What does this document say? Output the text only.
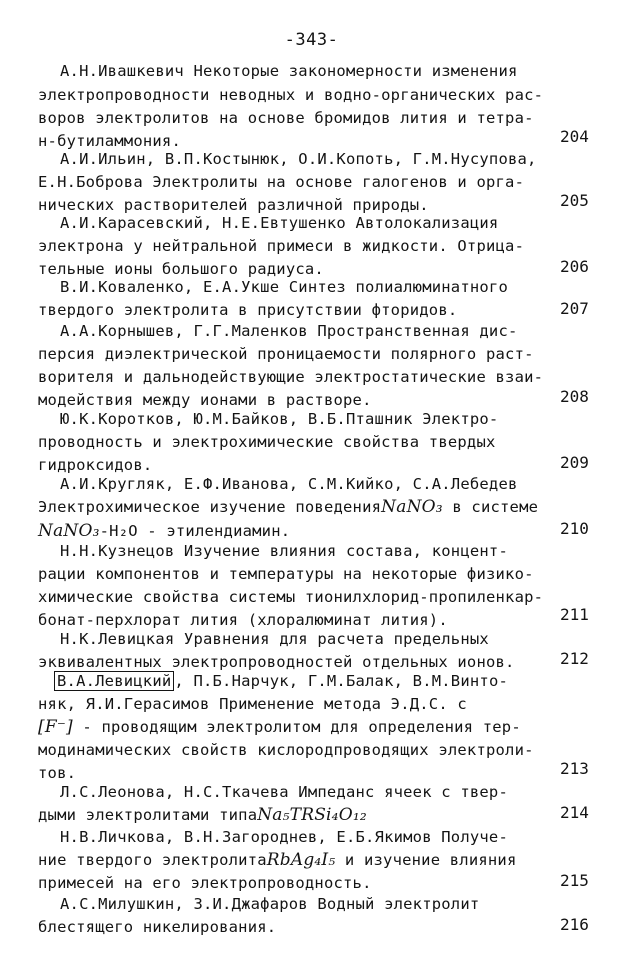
-343-
А.Н.Ивашкевич Некоторые закономерности изменения
электропроводности неводных и водно-органических рас-
воров электролитов на основе бромидов лития и тетра-
н-бутиламмония.	204
А.И.Ильин, В.П.Костынюк, О.И.Копоть, Г.М.Нусупова,
Е.Н.Боброва Электролиты на основе галогенов и орга-
нических растворителей различной природы.	205
А.И.Карасевский, Н.Е.Евтушенко Автолокализация
электрона у нейтральной примеси в жидкости. Отрица-
тельные ионы большого радиуса.	206
В.И.Коваленко, Е.А.Укше Синтез полиалюминатного
твердого электролита в присутствии фторидов.	207
А.А.Корнышев, Г.Г.Маленков Пространственная дис-
персия диэлектрической проницаемости полярного раст-
ворителя и дальнодействующие электростатические взаи-
модействия между ионами в растворе.	208
Ю.К.Коротков, Ю.М.Байков, В.Б.Пташник Электро-
проводность и электрохимические свойства твердых
гидроксидов.	209
А.И.Кругляк, Е.Ф.Иванова, С.М.Кийко, С.А.Лебедев
Электрохимическое изучение поведенияNaNO₃ в системе
NaNO₃-H₂O - этилендиамин.	210
Н.Н.Кузнецов Изучение влияния состава, концент-
рации компонентов и температуры на некоторые физико-
химические свойства системы тионилхлорид-пропиленкар-
бонат-перхлорат лития (хлоралюминат лития).	211
Н.К.Левицкая Уравнения для расчета предельных
эквивалентных электропроводностей отдельных ионов.	212
В.А.Левицкий , П.Б.Нарчук, Г.М.Балак, В.М.Винто-
няк, Я.И.Герасимов Применение метода Э.Д.С. с
[F⁻] - проводящим электролитом для определения тер-
модинамических свойств кислородпроводящих электроли-
тов.	213
Л.С.Леонова, Н.С.Ткачева Импеданс ячеек с твер-
дыми электролитами типаNa₅TRSi₄O₁₂	214
Н.В.Личкова, В.Н.Загороднев, Е.Б.Якимов Получе-
ние твердого электролитаRbAg₄I₅ и изучение влияния
примесей на его электропроводность.	215
А.С.Милушкин, З.И.Джафаров Водный электролит
блестящего никелирования.	216
